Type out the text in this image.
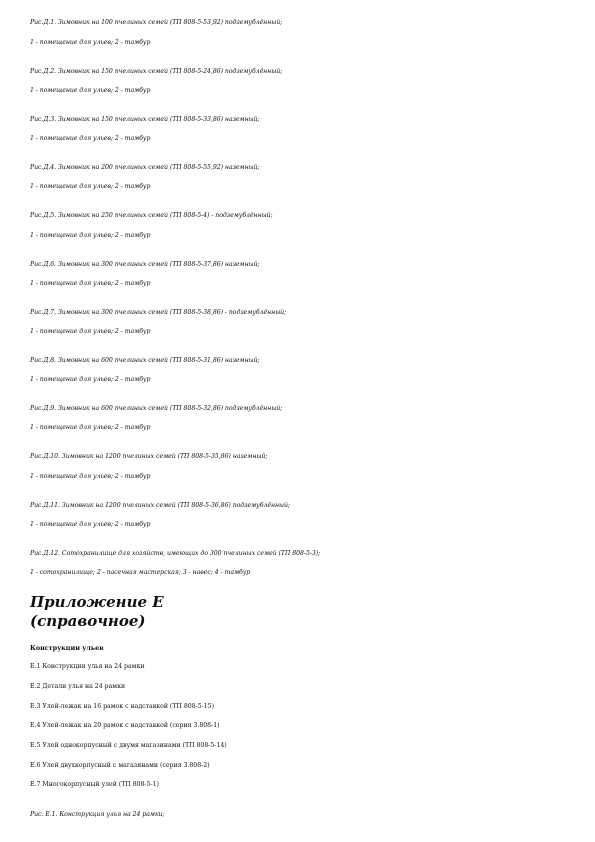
Рис.Д.1. Зимовник на 100 пчелиных семей (ТП 808-5-53,92) подземублённый;
1 - помещение для ульев; 2 - тамбур
Рис.Д.2. Зимовник на 150 пчелиных семей (ТП 808-5-24,86) подземублённый;
1 - помещение для ульев; 2 - тамбур
Рис.Д.3. Зимовник на 150 пчелиных семей (ТП 808-5-33,86) наземный;
1 - помещение для ульев; 2 - тамбур
Рис.Д.4. Зимовник на 200 пчелиных семей (ТП 808-5-55,92) наземный;
1 - помещение для ульев; 2 - тамбур
Рис.Д.5. Зимовник на 250 пчелиных семей (ТП 808-5-4) - подземублённый;
1 - помещение для ульев; 2 - тамбур
Рис.Д.6. Зимовник на 300 пчелиных семей (ТП 808-5-37,86) наземный;
1 - помещение для ульев; 2 - тамбур
Рис.Д.7. Зимовник на 300 пчелиных семей (ТП 808-5-38,86) - подземублённый;
1 - помещение для ульев; 2 - тамбур
Рис.Д.8. Зимовник на 600 пчелиных семей (ТП 808-5-31,86) наземный;
1 - помещение для ульев; 2 - тамбур
Рис.Д.9. Зимовник на 600 пчелиных семей (ТП 808-5-32,86) подземублённый;
1 - помещение для ульев; 2 - тамбур
Рис.Д.10. Зимовник на 1200 пчелиных семей (ТП 808-5-35,86) наземный;
1 - помещение для ульев; 2 - тамбур
Рис.Д.11. Зимовник на 1200 пчелиных семей (ТП 808-5-36,86) подземублённый;
1 - помещение для ульев; 2 - тамбур
Рис.Д.12. Сотохранилище для хозяйств, имеющих до 300 пчелиных семей (ТП 808-5-3);
1 - сотохранилище; 2 - пасечная мастерская; 3 - навес; 4 - тамбур
Приложение Е
(справочное)
Конструкции ульев
Е.1 Конструкции улья на 24 рамки
Е.2 Детали улья на 24 рамки
Е.3 Улей-лежак на 16 рамок с надставкой (ТП 808-5-15)
Е.4 Улей-лежак на 20 рамок с надставкой (серия 3.808-1)
Е.5 Улей однокорпусный с двумя магазинами (ТП 808-5-14)
Е.6 Улей двухкорпусный с магазинами (серия 3.808-2)
Е.7 Многокорпусный улей (ТП 808-5-1)
Рис. Е.1. Конструкция улья на 24 рамки;
